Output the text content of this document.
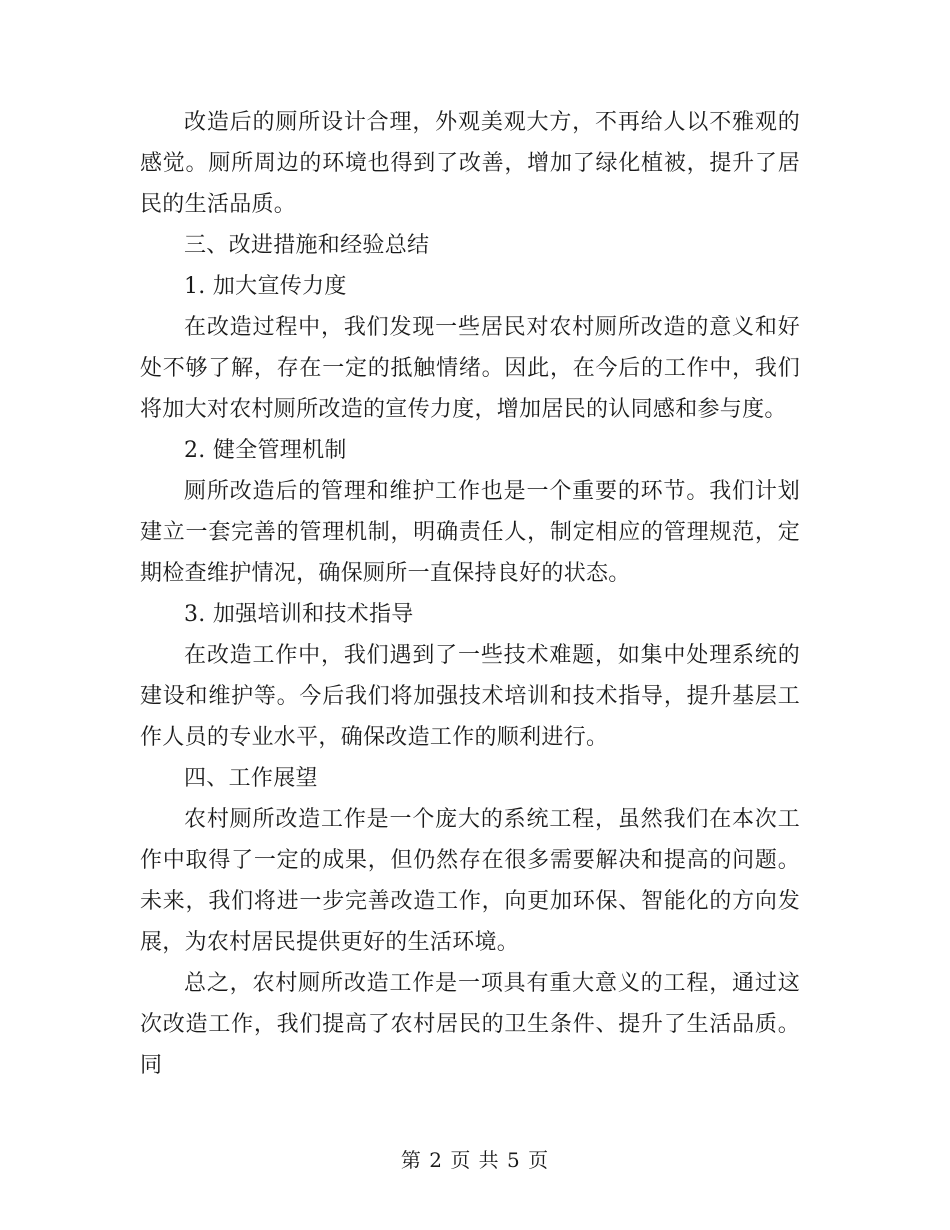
改造后的厕所设计合理，外观美观大方，不再给人以不雅观的感觉。厕所周边的环境也得到了改善，增加了绿化植被，提升了居民的生活品质。

三、改进措施和经验总结

1. 加大宣传力度

在改造过程中，我们发现一些居民对农村厕所改造的意义和好处不够了解，存在一定的抵触情绪。因此，在今后的工作中，我们将加大对农村厕所改造的宣传力度，增加居民的认同感和参与度。

2. 健全管理机制

厕所改造后的管理和维护工作也是一个重要的环节。我们计划建立一套完善的管理机制，明确责任人，制定相应的管理规范，定期检查维护情况，确保厕所一直保持良好的状态。

3. 加强培训和技术指导

在改造工作中，我们遇到了一些技术难题，如集中处理系统的建设和维护等。今后我们将加强技术培训和技术指导，提升基层工作人员的专业水平，确保改造工作的顺利进行。

四、工作展望

农村厕所改造工作是一个庞大的系统工程，虽然我们在本次工作中取得了一定的成果，但仍然存在很多需要解决和提高的问题。未来，我们将进一步完善改造工作，向更加环保、智能化的方向发展，为农村居民提供更好的生活环境。

总之，农村厕所改造工作是一项具有重大意义的工程，通过这次改造工作，我们提高了农村居民的卫生条件、提升了生活品质。同

第 2 页 共 5 页
